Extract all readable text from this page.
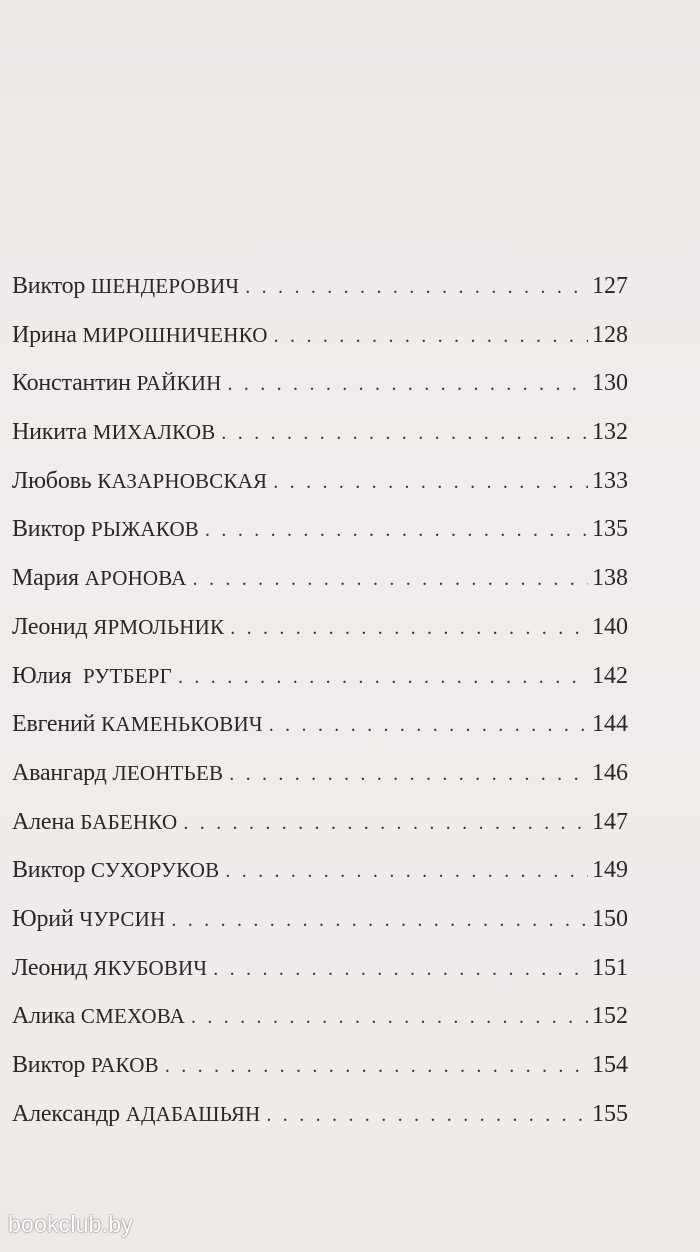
Виктор ШЕНДЕРОВИЧ . . .	127
Ирина МИРОШНИЧЕНКО . . .	128
Константин РАЙКИН . . .	130
Никита МИХАЛКОВ . . .	132
Любовь КАЗАРНОВСКАЯ . . .	133
Виктор РЫЖАКОВ . . .	135
Мария АРОНОВА . . .	138
Леонид ЯРМОЛЬНИК . . .	140
Юлия РУТБЕРГ . . .	142
Евгений КАМЕНЬКОВИЧ . . .	144
Авангард ЛЕОНТЬЕВ . . .	146
Алена БАБЕНКО . . .	147
Виктор СУХОРУКОВ . . .	149
Юрий ЧУРСИН . . .	150
Леонид ЯКУБОВИЧ . . .	151
Алика СМЕХОВА . . .	152
Виктор РАКОВ . . .	154
Александр АДАБАШЬЯН . . .	155
bookclub.by
